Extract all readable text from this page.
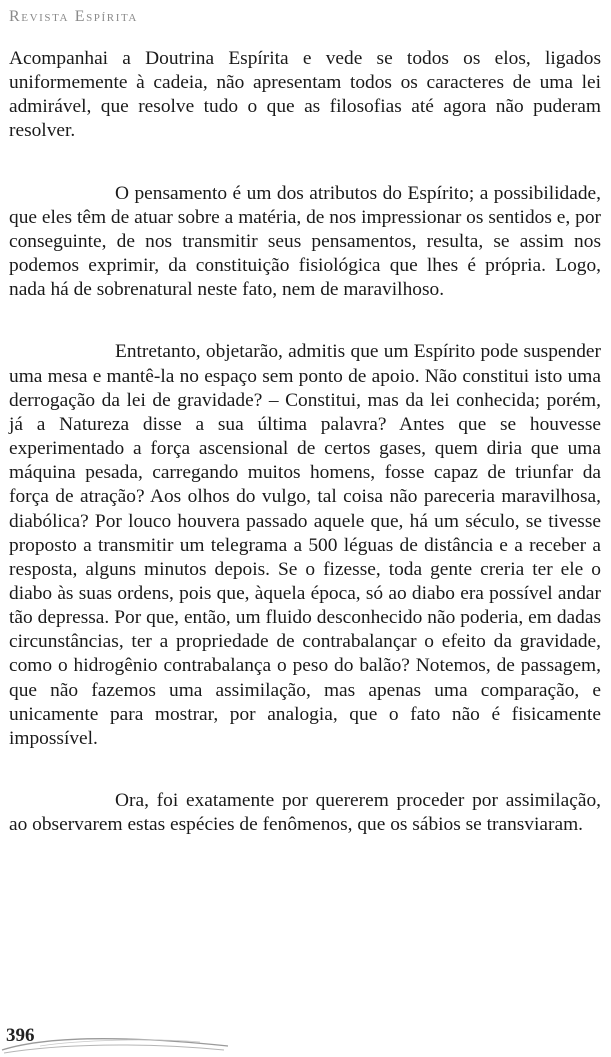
Revista Espírita

Acompanhai a Doutrina Espírita e vede se todos os elos, ligados uniformemente à cadeia, não apresentam todos os caracteres de uma lei admirável, que resolve tudo o que as filosofias até agora não puderam resolver.

O pensamento é um dos atributos do Espírito; a possibilidade, que eles têm de atuar sobre a matéria, de nos impressionar os sentidos e, por conseguinte, de nos transmitir seus pensamentos, resulta, se assim nos podemos exprimir, da constituição fisiológica que lhes é própria. Logo, nada há de sobrenatural neste fato, nem de maravilhoso.

Entretanto, objetarão, admitis que um Espírito pode suspender uma mesa e mantê-la no espaço sem ponto de apoio. Não constitui isto uma derrogação da lei de gravidade? – Constitui, mas da lei conhecida; porém, já a Natureza disse a sua última palavra? Antes que se houvesse experimentado a força ascensional de certos gases, quem diria que uma máquina pesada, carregando muitos homens, fosse capaz de triunfar da força de atração? Aos olhos do vulgo, tal coisa não pareceria maravilhosa, diabólica? Por louco houvera passado aquele que, há um século, se tivesse proposto a transmitir um telegrama a 500 léguas de distância e a receber a resposta, alguns minutos depois. Se o fizesse, toda gente creria ter ele o diabo às suas ordens, pois que, àquela época, só ao diabo era possível andar tão depressa. Por que, então, um fluido desconhecido não poderia, em dadas circunstâncias, ter a propriedade de contrabalançar o efeito da gravidade, como o hidrogênio contrabalança o peso do balão? Notemos, de passagem, que não fazemos uma assimilação, mas apenas uma comparação, e unicamente para mostrar, por analogia, que o fato não é fisicamente impossível.

Ora, foi exatamente por quererem proceder por assimilação, ao observarem estas espécies de fenômenos, que os sábios se transviaram.

396
